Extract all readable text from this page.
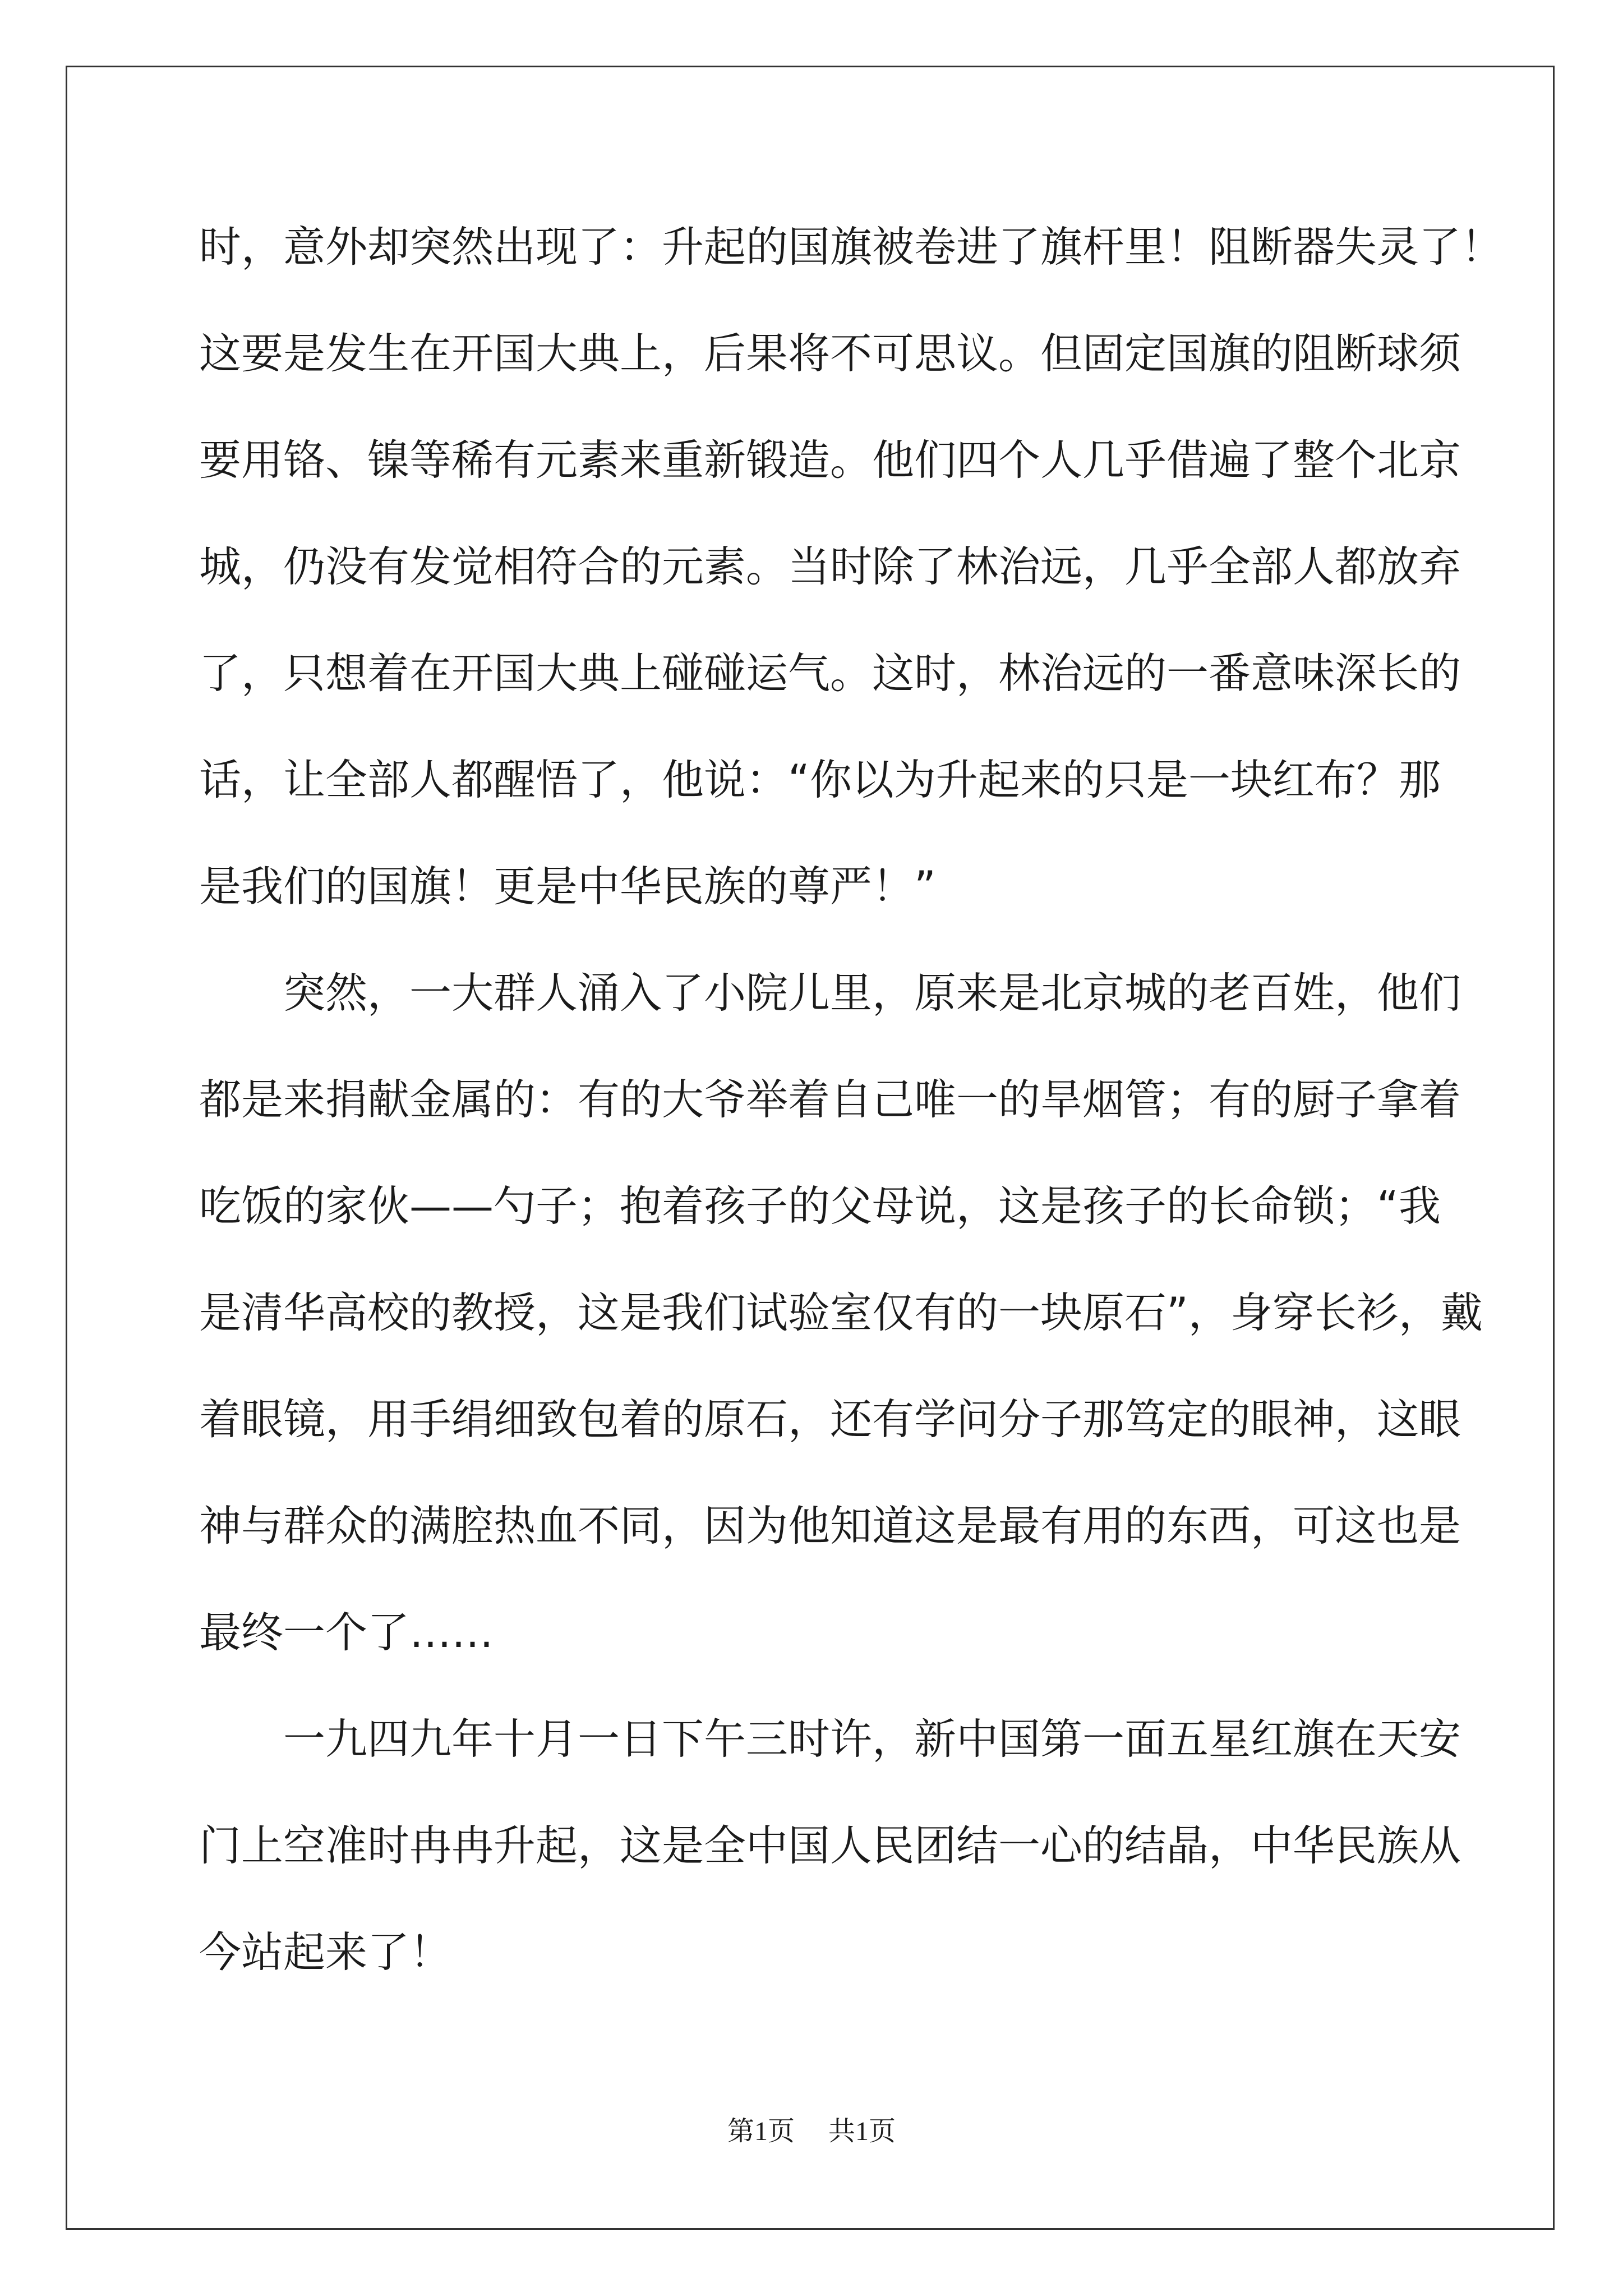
时，意外却突然出现了：升起的国旗被卷进了旗杆里！阻断器失灵了！
这要是发生在开国大典上，后果将不可思议。但固定国旗的阻断球须
要用铬、镍等稀有元素来重新锻造。他们四个人几乎借遍了整个北京
城，仍没有发觉相符合的元素。当时除了林治远，几乎全部人都放弃
了，只想着在开国大典上碰碰运气。这时，林治远的一番意味深长的
话，让全部人都醒悟了，他说：“你以为升起来的只是一块红布？那
是我们的国旗！更是中华民族的尊严！”
　　突然，一大群人涌入了小院儿里，原来是北京城的老百姓，他们
都是来捐献金属的：有的大爷举着自己唯一的旱烟管；有的厨子拿着
吃饭的家伙——勺子；抱着孩子的父母说，这是孩子的长命锁；“我
是清华高校的教授，这是我们试验室仅有的一块原石”，身穿长衫，戴
着眼镜，用手绢细致包着的原石，还有学问分子那笃定的眼神，这眼
神与群众的满腔热血不同，因为他知道这是最有用的东西，可这也是
最终一个了……
　　一九四九年十月一日下午三时许，新中国第一面五星红旗在天安
门上空准时冉冉升起，这是全中国人民团结一心的结晶，中华民族从
今站起来了！
第1页 共1页
